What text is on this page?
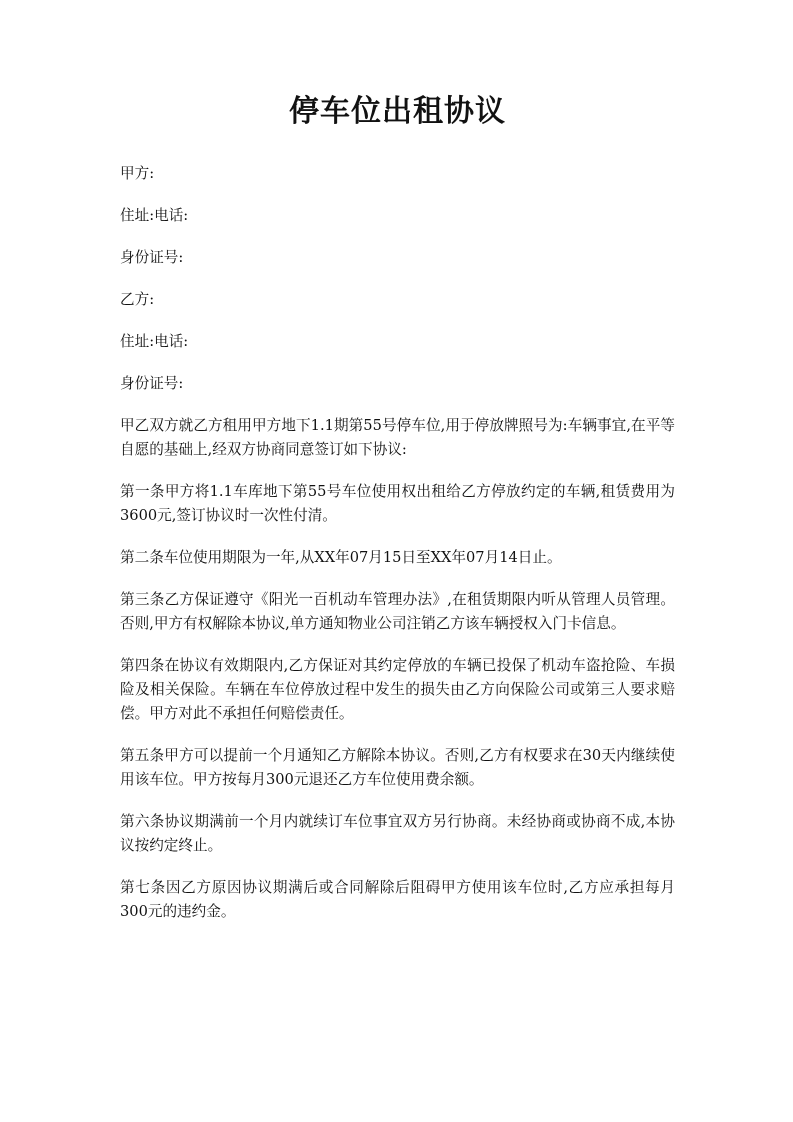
停车位出租协议

甲方:

住址:电话:

身份证号:

乙方:

住址:电话:

身份证号:

甲乙双方就乙方租用甲方地下1.1期第55号停车位,用于停放牌照号为:车辆事宜,在平等自愿的基础上,经双方协商同意签订如下协议:

第一条甲方将1.1车库地下第55号车位使用权出租给乙方停放约定的车辆,租赁费用为3600元,签订协议时一次性付清。

第二条车位使用期限为一年,从XX年07月15日至XX年07月14日止。

第三条乙方保证遵守《阳光一百机动车管理办法》,在租赁期限内听从管理人员管理。否则,甲方有权解除本协议,单方通知物业公司注销乙方该车辆授权入门卡信息。

第四条在协议有效期限内,乙方保证对其约定停放的车辆已投保了机动车盗抢险、车损险及相关保险。车辆在车位停放过程中发生的损失由乙方向保险公司或第三人要求赔偿。甲方对此不承担任何赔偿责任。

第五条甲方可以提前一个月通知乙方解除本协议。否则,乙方有权要求在30天内继续使用该车位。甲方按每月300元退还乙方车位使用费余额。

第六条协议期满前一个月内就续订车位事宜双方另行协商。未经协商或协商不成,本协议按约定终止。

第七条因乙方原因协议期满后或合同解除后阻碍甲方使用该车位时,乙方应承担每月300元的违约金。
